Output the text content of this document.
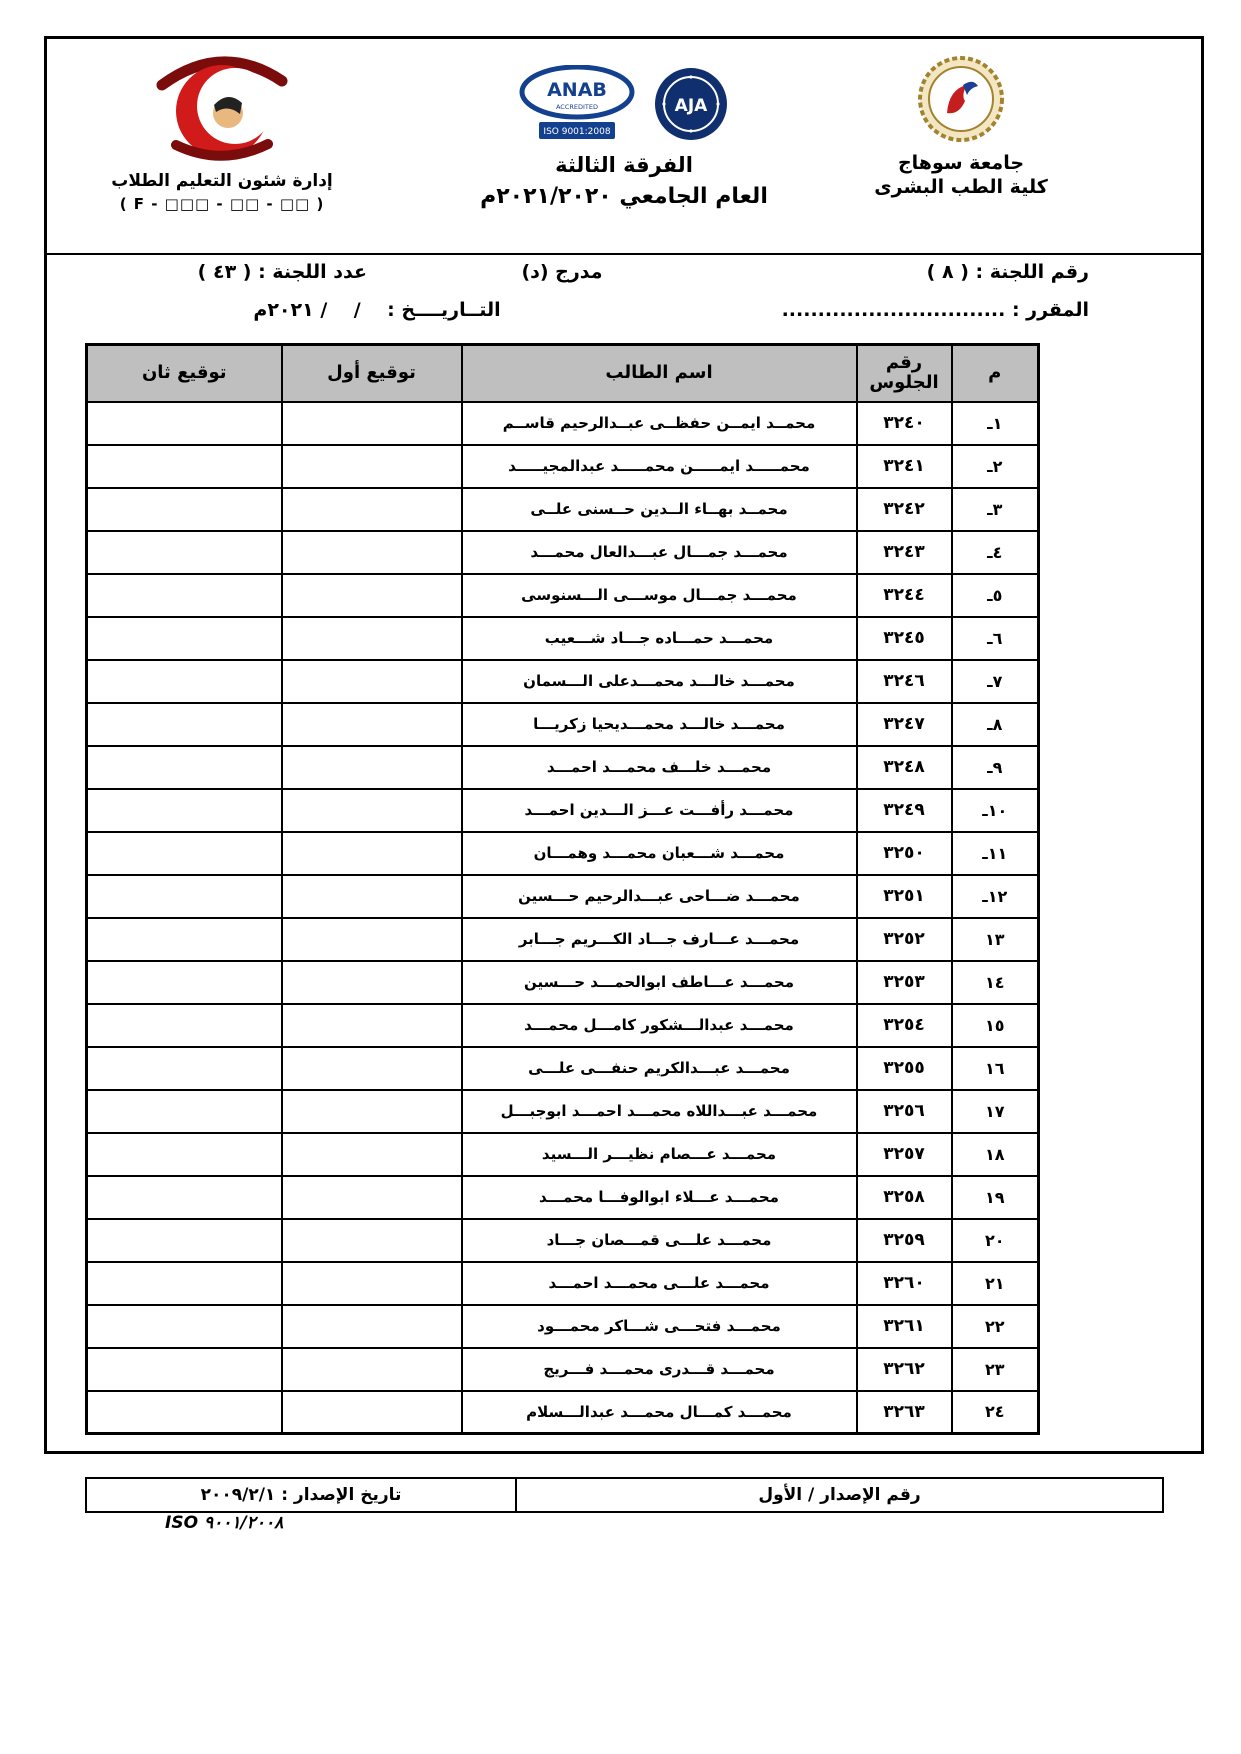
إدارة شئون التعليم الطلاب
( F - □□□ - □□ - □□ )
ANAB
ACCREDITED
ISO 9001:2008
AJA
الفرقة الثالثة
العام الجامعي ٢٠٢١/٢٠٢٠م
جامعة سوهاج
كلية الطب البشرى
رقم اللجنة : ( ٨ )
مدرج (د)
عدد اللجنة : ( ٤٣ )
المقرر : ...............................
التــاريــــخ :    /    / ٢٠٢١م
م	رقم الجلوس	اسم الطالب	توقيع أول	توقيع ثان
١ـ	٣٢٤٠	محمــد ايمــن حفظــى عبــدالرحيم قاســم		
٢ـ	٣٢٤١	محمـــــد ايمـــــن محمـــــد عبدالمجيـــــد		
٣ـ	٣٢٤٢	محمــد بهــاء الــدين حــسنى علــى		
٤ـ	٣٢٤٣	محمـــد جمـــال عبـــدالعال محمـــد		
٥ـ	٣٢٤٤	محمـــد جمـــال موســـى الـــسنوسى		
٦ـ	٣٢٤٥	محمـــد حمـــاده جـــاد شـــعيب		
٧ـ	٣٢٤٦	محمـــد خالـــد محمـــدعلى الـــسمان		
٨ـ	٣٢٤٧	محمـــد خالـــد محمـــديحيا زكريـــا		
٩ـ	٣٢٤٨	محمـــد خلـــف محمـــد احمـــد		
١٠ـ	٣٢٤٩	محمـــد رأفـــت عـــز الـــدين احمـــد		
١١ـ	٣٢٥٠	محمـــد شـــعبان محمـــد وهمـــان		
١٢ـ	٣٢٥١	محمـــد ضـــاحى عبـــدالرحيم حـــسين		
١٣	٣٢٥٢	محمـــد عـــارف جـــاد الكـــريم جـــابر		
١٤	٣٢٥٣	محمـــد عـــاطف ابوالحمـــد حـــسين		
١٥	٣٢٥٤	محمـــد عبدالـــشكور كامـــل محمـــد		
١٦	٣٢٥٥	محمـــد عبـــدالكريم حنفـــى علـــى		
١٧	٣٢٥٦	محمـــد عبـــداللاه محمـــد احمـــد ابوجبـــل		
١٨	٣٢٥٧	محمـــد عـــصام نظيـــر الـــسيد		
١٩	٣٢٥٨	محمـــد عـــلاء ابوالوفـــا محمـــد		
٢٠	٣٢٥٩	محمـــد علـــى قمـــصان جـــاد		
٢١	٣٢٦٠	محمـــد علـــى محمـــد احمـــد		
٢٢	٣٢٦١	محمـــد فتحـــى شـــاكر محمـــود		
٢٣	٣٢٦٢	محمـــد قـــدرى محمـــد فـــريج		
٢٤	٣٢٦٣	محمـــد كمـــال محمـــد عبدالـــسلام		
رقم الإصدار / الأول
تاريخ الإصدار : ٢٠٠٩/٢/١
ISO ٩٠٠١/٢٠٠٨
